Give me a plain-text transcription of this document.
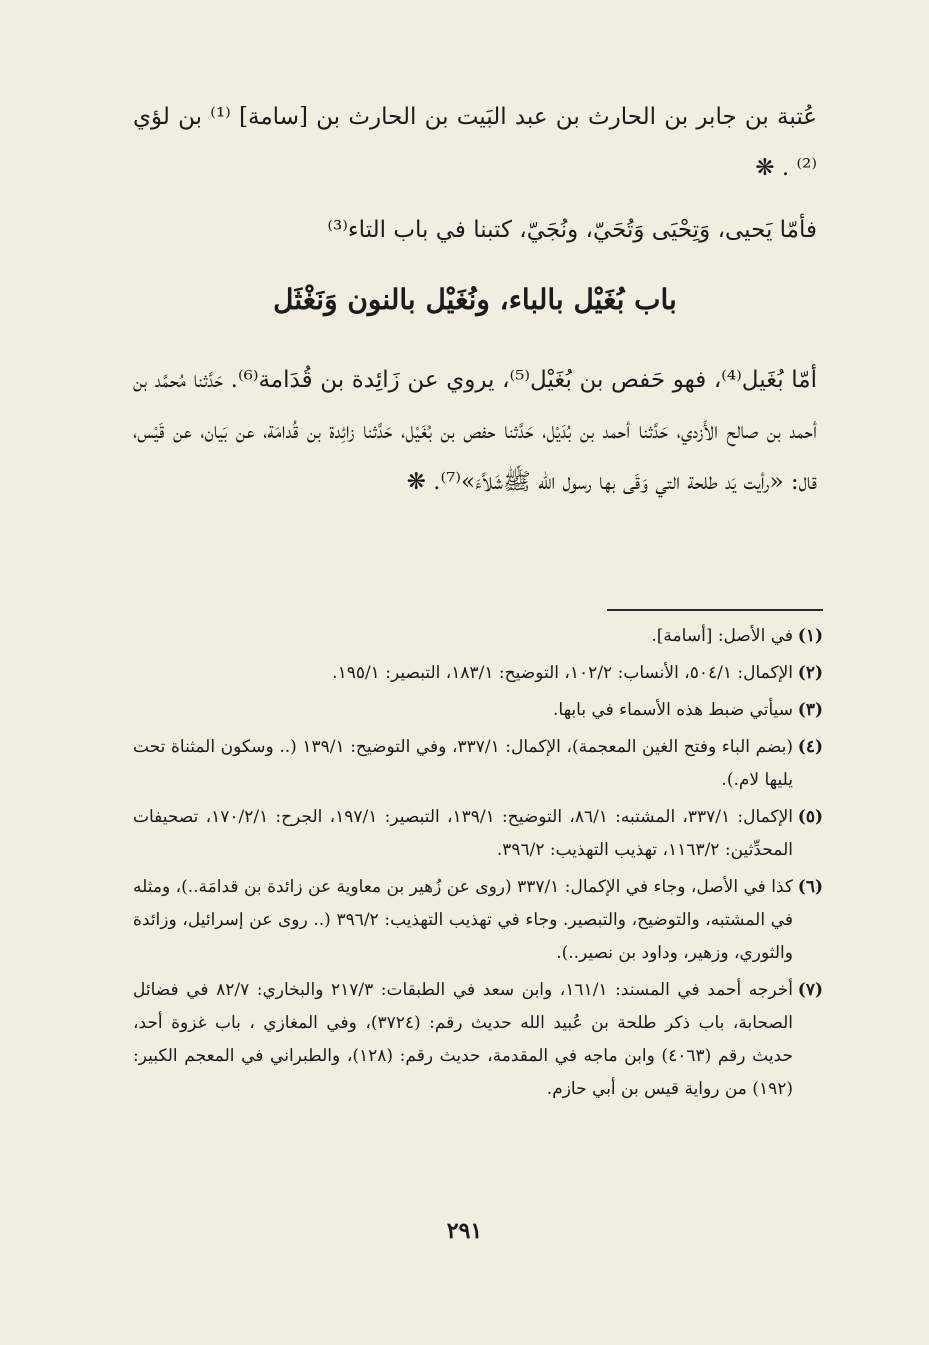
عُتبة بن جابر بن الحارث بن عبد البَيت بن الحارث بن [سامة] ⁽¹⁾ بن لؤي ⁽²⁾ . ❋
فأمّا يَحيى، وَتِحْيَى وَتُحَيّ، ونُجَيّ، كتبنا في باب التاء⁽³⁾
باب بُغَيْل بالباء، ونُغَيْل بالنون وَنَغْثَل
أمّا بُغَيل⁽⁴⁾، فهو حَفص بن بُغَيْل⁽⁵⁾، يروي عن زَائِدة بن قُدَامة⁽⁶⁾. حَدَّثنا مُحمَّد بن أحمد بن صالح الأَزدي، حَدَّثنا أحمد بن بُدَيْل، حَدَّثنا حفص بن بُغَيْل، حَدَّثنا زائِدة بن قُدامَة، عن بَيان، عن قَيْس، قال: «رأيت يَد طلحة التي وَقَى بها رسول الله ﷺشَلاَّءَ»⁽⁷⁾. ❋
(١)
في الأصل: [أسامة].
(٢)
الإكمال: ٥٠٤/١، الأنساب: ١٠٢/٢، التوضيح: ١٨٣/١، التبصير: ١٩٥/١.
(٣)
سيأتي ضبط هذه الأسماء في بابها.
(٤)
(بضم الباء وفتح الغين المعجمة)، الإكمال: ٣٣٧/١، وفي التوضيح: ١٣٩/١ (.. وسكون المثناة تحت يليها لام.).
(٥)
الإكمال: ٣٣٧/١، المشتبه: ٨٦/١، التوضيح: ١٣٩/١، التبصير: ١٩٧/١، الجرح: ١٧٠/٢/١، تصحيفات المحدِّثين: ١١٦٣/٢، تهذيب التهذيب: ٣٩٦/٢.
(٦)
كذا في الأصل، وجاء في الإكمال: ٣٣٧/١ (روى عن زُهير بن معاوية عن زائدة بن قدامَة..)، ومثله في المشتبه، والتوضيح، والتبصير. وجاء في تهذيب التهذيب: ٣٩٦/٢ (.. روى عن إسرائيل، وزائدة والثوري، وزهير، وداود بن نصير..).
(٧)
أخرجه أحمد في المسند: ١٦١/١، وابن سعد في الطبقات: ٢١٧/٣ والبخاري: ٨٢/٧ في فضائل الصحابة، باب ذكر طلحة بن عُبيد الله حديث رقم: (٣٧٢٤)، وفي المغازي ، باب غزوة أحد، حديث رقم (٤٠٦٣) وابن ماجه في المقدمة، حديث رقم: (١٢٨)، والطبراني في المعجم الكبير: (١٩٢) من رواية قيس بن أبي حازم.
٢٩١
